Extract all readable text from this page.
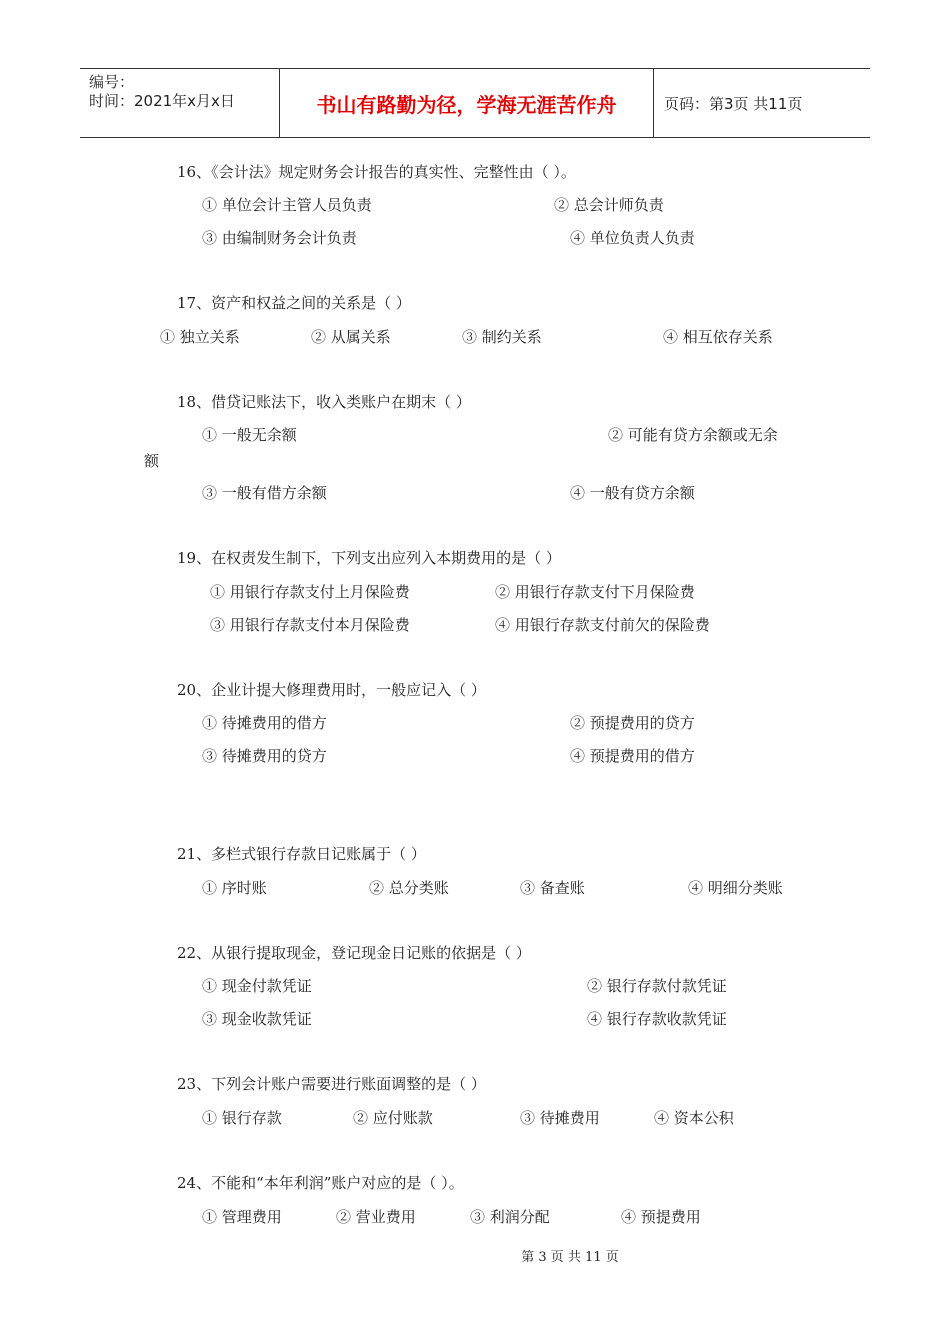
编号：
时间：2021年x月x日	书山有路勤为径，学海无涯苦作舟	页码：第3页 共11页
16、《会计法》规定财务会计报告的真实性、完整性由（ ）。
① 单位会计主管人员负责	② 总会计师负责
③ 由编制财务会计负责	④ 单位负责人负责
17、资产和权益之间的关系是（ ）
① 独立关系	② 从属关系	③ 制约关系	④ 相互依存关系
18、借贷记账法下，收入类账户在期末（ ）
① 一般无余额	② 可能有贷方余额或无余
额
③ 一般有借方余额	④ 一般有贷方余额
19、在权责发生制下，下列支出应列入本期费用的是（ ）
① 用银行存款支付上月保险费	② 用银行存款支付下月保险费
③ 用银行存款支付本月保险费	④ 用银行存款支付前欠的保险费
20、企业计提大修理费用时，一般应记入（ ）
① 待摊费用的借方	② 预提费用的贷方
③ 待摊费用的贷方	④ 预提费用的借方
21、多栏式银行存款日记账属于（ ）
① 序时账	② 总分类账	③ 备查账	④ 明细分类账
22、从银行提取现金，登记现金日记账的依据是（ ）
① 现金付款凭证	② 银行存款付款凭证
③ 现金收款凭证	④ 银行存款收款凭证
23、下列会计账户需要进行账面调整的是（ ）
① 银行存款	② 应付账款	③ 待摊费用	④ 资本公积
24、不能和“本年利润”账户对应的是（ ）。
① 管理费用	② 营业费用	③ 利润分配	④ 预提费用
第 3 页 共 11 页
